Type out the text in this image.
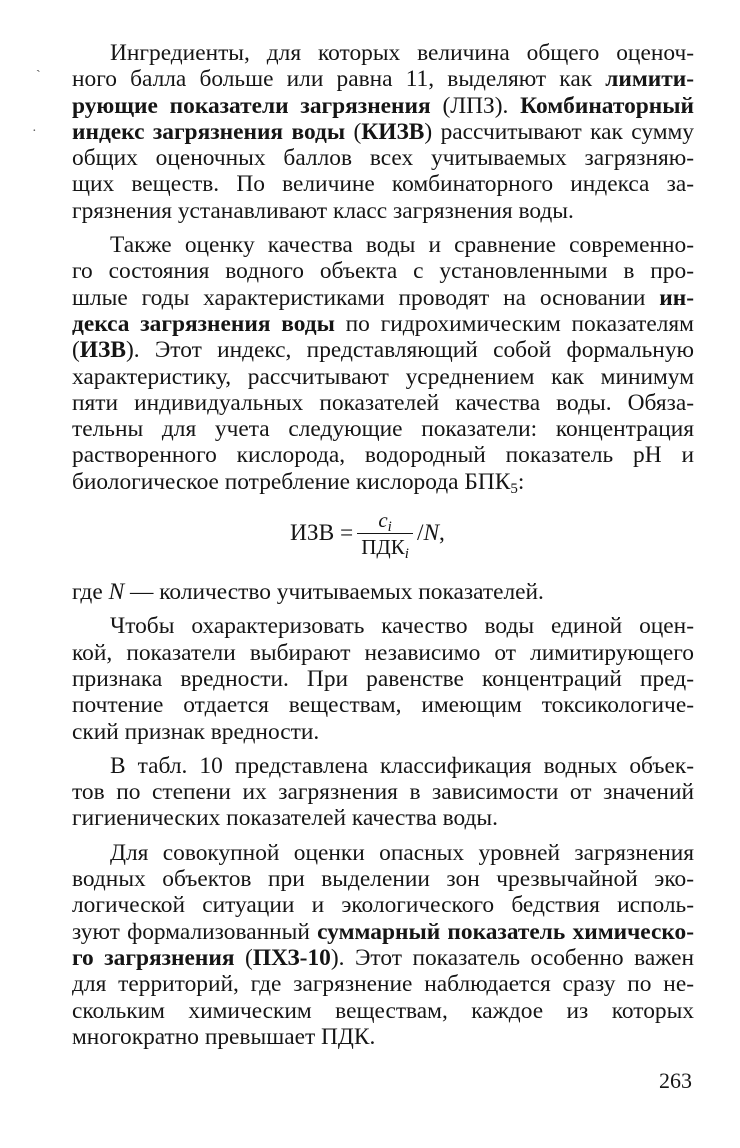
ˏ
·

Ингредиенты, для которых величина общего оценоч-
ного балла больше или равна 11, выделяют как лимити-
рующие показатели загрязнения (ЛПЗ). Комбинаторный
индекс загрязнения воды (КИЗВ) рассчитывают как сумму
общих оценочных баллов всех учитываемых загрязняю-
щих веществ. По величине комбинаторного индекса за-
грязнения устанавливают класс загрязнения воды.

Также оценку качества воды и сравнение современно-
го состояния водного объекта с установленными в про-
шлые годы характеристиками проводят на основании ин-
декса загрязнения воды по гидрохимическим показателям
(ИЗВ). Этот индекс, представляющий собой формальную
характеристику, рассчитывают усреднением как минимум
пяти индивидуальных показателей качества воды. Обяза-
тельны для учета следующие показатели: концентрация
растворенного кислорода, водородный показатель pH и
биологическое потребление кислорода $БПК_5$:

ИЗВ = $\frac{c_i}{ПДК_i}$ / N ,

где N — количество учитываемых показателей.

Чтобы охарактеризовать качество воды единой оцен-
кой, показатели выбирают независимо от лимитирующего
признака вредности. При равенстве концентраций пред-
почтение отдается веществам, имеющим токсикологиче-
ский признак вредности.

В табл. 10 представлена классификация водных объек-
тов по степени их загрязнения в зависимости от значений
гигиенических показателей качества воды.

Для совокупной оценки опасных уровней загрязнения
водных объектов при выделении зон чрезвычайной эко-
логической ситуации и экологического бедствия исполь-
зуют формализованный суммарный показатель химическо-
го загрязнения (ПХЗ-10). Этот показатель особенно важен
для территорий, где загрязнение наблюдается сразу по не-
скольким химическим веществам, каждое из которых
многократно превышает ПДК.

263
